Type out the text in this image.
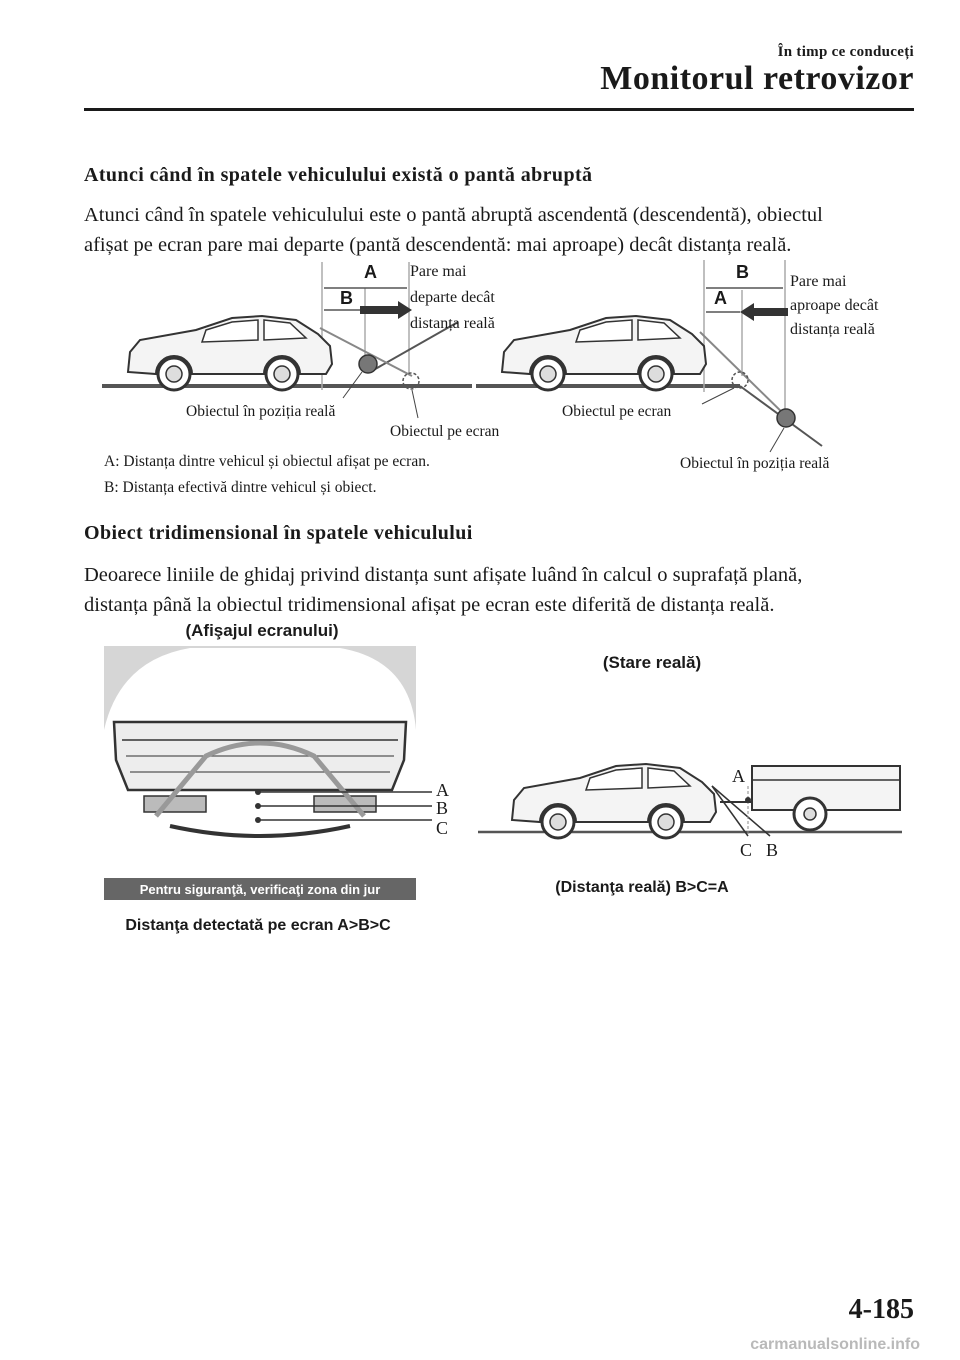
În timp ce conduceți
Monitorul retrovizor
Atunci când în spatele vehiculului există o pantă abruptă
Atunci când în spatele vehiculului este o pantă abruptă ascendentă (descendentă), obiectul
afișat pe ecran pare mai departe (pantă descendentă: mai aproape) decât distanța reală.
A
B
Pare mai
departe decât
distanța reală
Obiectul în poziția reală
Obiectul pe ecran
B
A
Pare mai
aproape decât
distanța reală
Obiectul pe ecran
Obiectul în poziția reală
A: Distanța dintre vehicul și obiectul afișat pe ecran.
B: Distanța efectivă dintre vehicul și obiect.
Obiect tridimensional în spatele vehiculului
Deoarece liniile de ghidaj privind distanța sunt afișate luând în calcul o suprafață plană,
distanța până la obiectul tridimensional afișat pe ecran este diferită de distanța reală.
(Afişajul ecranului)
Pentru siguranţă, verificaţi zona din jur
A
B
C
Distanţa detectată pe ecran A>B>C
(Stare reală)
A
C B
(Distanţa reală) B>C=A
4-185
carmanualsonline.info
